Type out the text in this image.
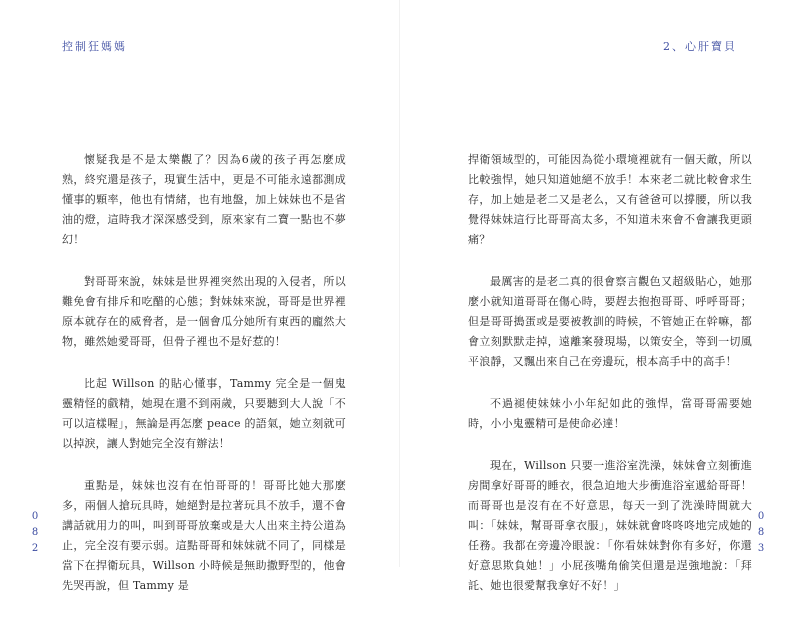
控制狂媽媽

懷疑我是不是太樂觀了？因為6歲的孩子再怎麼成熟，終究還是孩子，現實生活中，更是不可能永遠都測成懂事的顆率，他也有情緒，也有地盤，加上妹妹也不是省油的燈，這時我才深深感受到，原來家有二寶一點也不夢幻！

對哥哥來說，妹妹是世界裡突然出現的入侵者，所以難免會有排斥和吃醋的心態；對妹妹來說，哥哥是世界裡原本就存在的威脅者，是一個會瓜分她所有東西的龐然大物，雖然她愛哥哥，但骨子裡也不是好惹的！

比起 Willson 的貼心懂事，Tammy 完全是一個鬼靈精怪的戲精，她現在還不到兩歲，只要聽到大人說「不可以這樣喔」，無論是再怎麼 peace 的語氣，她立刻就可以掉淚，讓人對她完全沒有辦法！

重點是，妹妹也沒有在怕哥哥的！哥哥比她大那麼多，兩個人搶玩具時，她絕對是拉著玩具不放手，還不會講話就用力的叫，叫到哥哥放棄或是大人出來主持公道為止，完全沒有要示弱。這點哥哥和妹妹就不同了，同樣是當下在捍衛玩具，Willson 小時候是無助撒野型的，他會先哭再說，但 Tammy 是

0
8
2
2、心肝寶貝

捍衛領域型的，可能因為從小環境裡就有一個天敵，所以比較強悍，她只知道她絕不放手！本來老二就比較會求生存，加上她是老二又是老么，又有爸爸可以撐腰，所以我覺得妹妹這行比哥哥高太多，不知道未來會不會讓我更頭痛？

最厲害的是老二真的很會察言觀色又超級貼心，她那麼小就知道哥哥在傷心時，要趕去抱抱哥哥、呼呼哥哥；但是哥哥搗蛋或是要被教訓的時候，不管她正在幹嘛，都會立刻默默走掉，遠離案發現場，以策安全，等到一切風平浪靜，又飄出來自己在旁邊玩，根本高手中的高手！

不過褪使妹妹小小年紀如此的強悍，當哥哥需要她時，小小鬼靈精可是使命必達！

現在，Willson 只要一進浴室洗澡，妹妹會立刻衝進房間拿好哥哥的睡衣，很急迫地大步衝進浴室遞給哥哥！而哥哥也是沒有在不好意思，每天一到了洗澡時間就大叫：「妹妹，幫哥哥拿衣服」，妹妹就會咚咚咚地完成她的任務。我都在旁邊冷眼說：「你看妹妹對你有多好，你還好意思欺負她！」小屁孩嘴角偷笑但還是逞強地說：「拜託、她也很愛幫我拿好不好！」

0
8
3
